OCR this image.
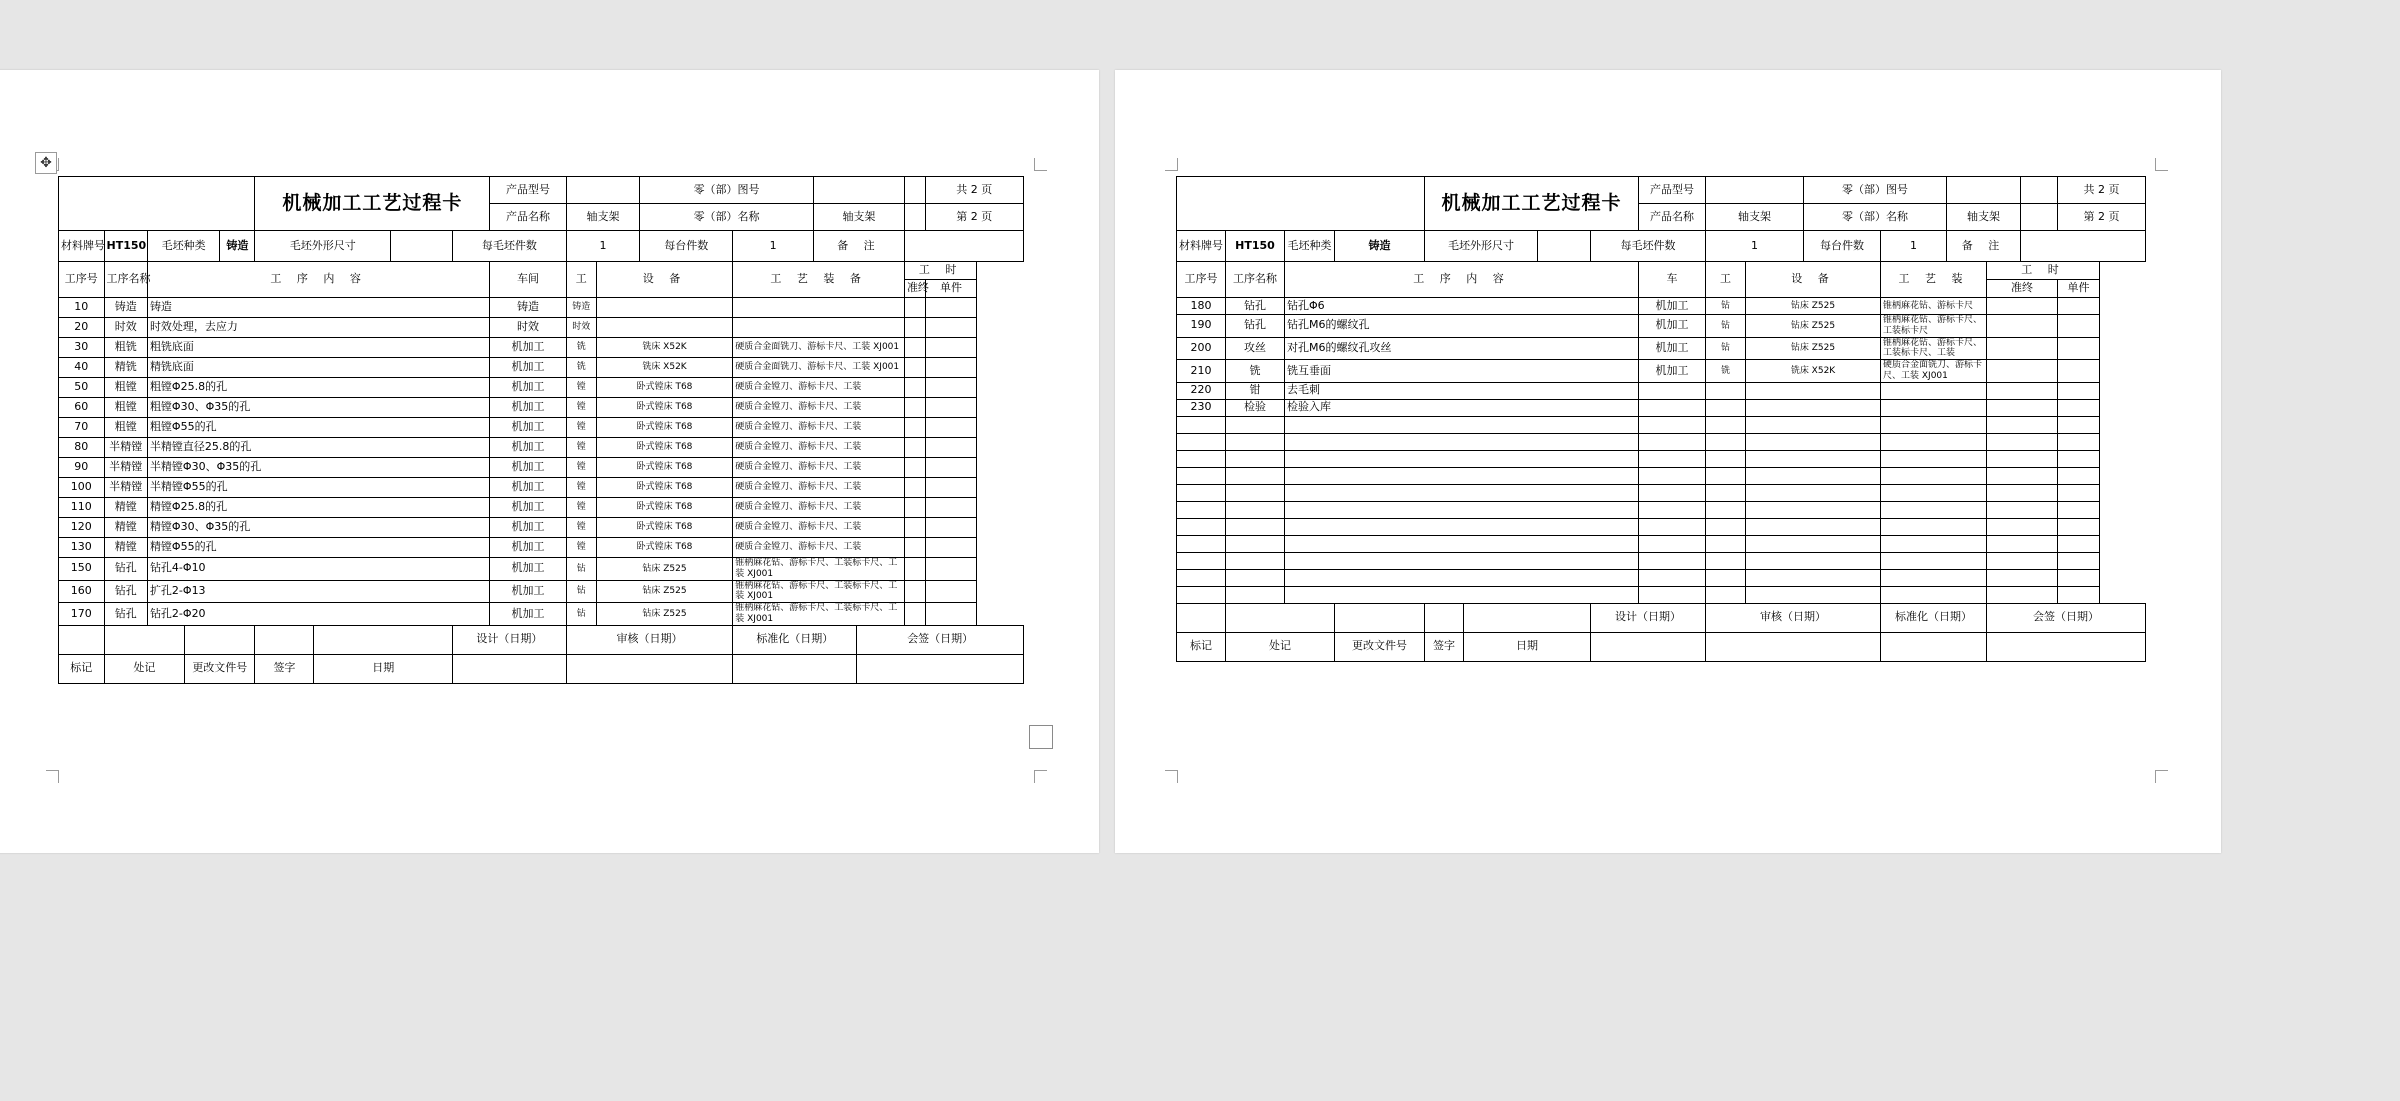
					机械加工工艺过程卡				产品型号			零（部）图号					共 2 页
									产品名称	轴支架		零（部）名称		轴支架			第 2 页
材料牌号	HT150	毛坯种类		铸造	毛坯外形尺寸			每毛坯件数		1		每台件数	1	备 注			
工序号	工序名称	工 序 内 容							车间	工	设 备		工 艺 装 备			工 时	
																准终	单件
10	铸造	铸造							铸造	铸造							
20	时效	时效处理，去应力							时效	时效							
30	粗铣	粗铣底面							机加工	铣	铣床 X52K		硬质合金面铣刀、游标卡尺、工装 XJ001				
40	精铣	精铣底面							机加工	铣	铣床 X52K		硬质合金面铣刀、游标卡尺、工装 XJ001				
50	粗镗	粗镗Φ25.8的孔							机加工	镗	卧式镗床 T68		硬质合金镗刀、游标卡尺、工装				
60	粗镗	粗镗Φ30、Φ35的孔							机加工	镗	卧式镗床 T68		硬质合金镗刀、游标卡尺、工装				
70	粗镗	粗镗Φ55的孔							机加工	镗	卧式镗床 T68		硬质合金镗刀、游标卡尺、工装				
80	半精镗	半精镗直径25.8的孔							机加工	镗	卧式镗床 T68		硬质合金镗刀、游标卡尺、工装				
90	半精镗	半精镗Φ30、Φ35的孔							机加工	镗	卧式镗床 T68		硬质合金镗刀、游标卡尺、工装				
100	半精镗	半精镗Φ55的孔							机加工	镗	卧式镗床 T68		硬质合金镗刀、游标卡尺、工装				
110	精镗	精镗Φ25.8的孔							机加工	镗	卧式镗床 T68		硬质合金镗刀、游标卡尺、工装				
120	精镗	精镗Φ30、Φ35的孔							机加工	镗	卧式镗床 T68		硬质合金镗刀、游标卡尺、工装				
130	精镗	精镗Φ55的孔							机加工	镗	卧式镗床 T68		硬质合金镗刀、游标卡尺、工装				
150	钻孔	钻孔4-Φ10							机加工	钻	钻床 Z525		锥柄麻花钻、游标卡尺、工装标卡尺、工装 XJ001				
160	钻孔	扩孔2-Φ13							机加工	钻	钻床 Z525		锥柄麻花钻、游标卡尺、工装标卡尺、工装 XJ001				
170	钻孔	钻孔2-Φ20							机加工	钻	钻床 Z525		锥柄麻花钻、游标卡尺、工装标卡尺、工装 XJ001				
								设计（日期）		审核（日期）			标准化（日期）		会签（日期）		
标记	处记		更改文件号		签字	日期											
				机械加工工艺过程卡				产品型号			零（部）图号					共 2 页
								产品名称	轴支架		零（部）名称		轴支架			第 2 页
材料牌号	HT150	毛坯种类	铸造	毛坯外形尺寸			每毛坯件数		1		每台件数	1	备 注			
工序号	工序名称	工 序 内 容						车	工	设 备		工 艺 装		工 时		
														准终		单件
180	钻孔	钻孔Φ6						机加工	钻	钻床 Z525		锥柄麻花钻、游标卡尺				
190	钻孔	钻孔M6的螺纹孔						机加工	钻	钻床 Z525		锥柄麻花钻、游标卡尺、工装标卡尺				
200	攻丝	对孔M6的螺纹孔攻丝						机加工	钻	钻床 Z525		锥柄麻花钻、游标卡尺、工装标卡尺、工装				
210	铣	铣互垂面						机加工	铣	铣床 X52K		硬质合金面铣刀、游标卡尺、工装 XJ001				
220	钳	去毛刺														
230	检验	检验入库														

							设计（日期）		审核（日期）			标准化（日期）		会签（日期）		
标记	处记		更改文件号	签字	日期											
✥
